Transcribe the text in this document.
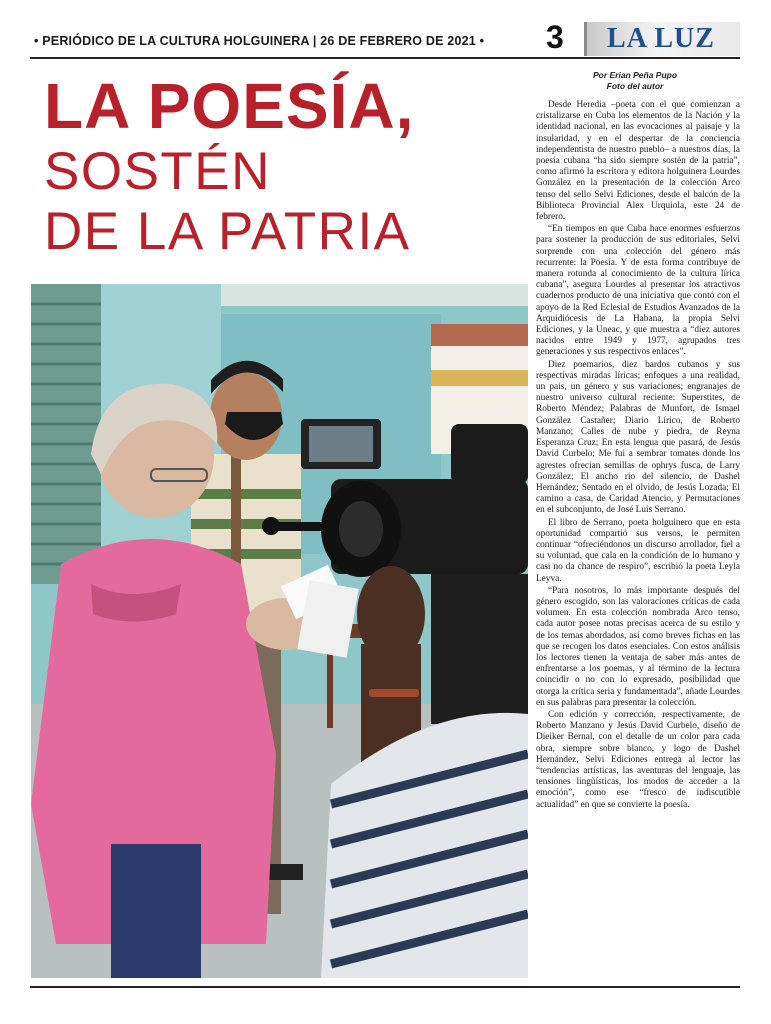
• PERIÓDICO DE LA CULTURA HOLGUINERA | 26 DE FEBRERO DE 2021 • 3 LA LUZ
LA POESÍA,
SOSTÉN
DE LA PATRIA
Por Erian Peña Pupo
Foto del autor

Desde Heredia –poeta con el que comienzan a cristalizarse en Cuba los elementos de la Nación y la identidad nacional, en las evocaciones al paisaje y la insularidad, y en el despertar de la conciencia independentista de nuestro pueblo– a nuestros días, la poesía cubana “ha sido siempre sostén de la patria”, como afirmó la escritora y editora holguinera Lourdes González en la presentación de la colección Arco tenso del sello Selvi Ediciones, desde el balcón de la Biblioteca Provincial Alex Urquiola, este 24 de febrero.

“En tiempos en que Cuba hace enormes esfuerzos para sostener la producción de sus editoriales, Selvi sorprende con una colección del género más recurrente: la Poesía. Y de esta forma contribuye de manera rotunda al conocimiento de la cultura lírica cubana”, asegura Lourdes al presentar los atractivos cuadernos producto de una iniciativa que contó con el apoyo de la Red Eclesial de Estudios Avanzados de la Arquidiócesis de La Habana, la propia Selvi Ediciones, y la Uneac, y que muestra a “diez autores nacidos entre 1949 y 1977, agrupados tres generaciones y sus respectivos enlaces”.

Diez poemarios, diez bardos cubanos y sus respectivas miradas líricas; enfoques a una realidad, un país, un género y sus variaciones; engranajes de nuestro universo cultural reciente: Superstites, de Roberto Méndez; Palabras de Munfort, de Ismael González Castañer; Diario Lírico, de Roberto Manzano; Calles de nube y piedra, de Reyna Esperanza Cruz; En esta lengua que pasará, de Jesús David Curbelo; Me fui a sembrar tomates donde los agrestes ofrecían semillas de ophrys fusca, de Larry González; El ancho río del silencio, de Dashel Hernández; Sentado en el olvido, de Jesús Lozada; El camino a casa, de Caridad Atencio, y Permutaciones en el subconjunto, de José Luis Serrano.

El libro de Serrano, poeta holguinero que en esta oportunidad compartió sus versos, le permiten continuar “ofreciéndonos un discurso arrollador, fiel a su voluntad, que cala en la condición de lo humano y casi no da chance de respiro”, escribió la poeta Leyla Leyva.

“Para nosotros, lo más importante después del género escogido, son las valoraciones críticas de cada volumen. En esta colección nombrada Arco tenso, cada autor posee notas precisas acerca de su estilo y de los temas abordados, así como breves fichas en las que se recogen los datos esenciales. Con estos análisis los lectores tienen la ventaja de saber más antes de enfrentarse a los poemas, y al término de la lectura coincidir o no con lo expresado, posibilidad que otorga la crítica seria y fundamentada”, añade Lourdes en sus palabras para presentar la colección.

Con edición y corrección, respectivamente, de Roberto Manzano y Jesús David Curbelo, diseño de Dieiker Bernal, con el detalle de un color para cada obra, siempre sobre blanco, y logo de Dashel Hernández, Selvi Ediciones entrega al lector las “tendencias artísticas, las aventuras del lenguaje, las tensiones lingüísticas, los modos de acceder a la emoción”, como ese “fresco de indiscutible actualidad” en que se convierte la poesía.
